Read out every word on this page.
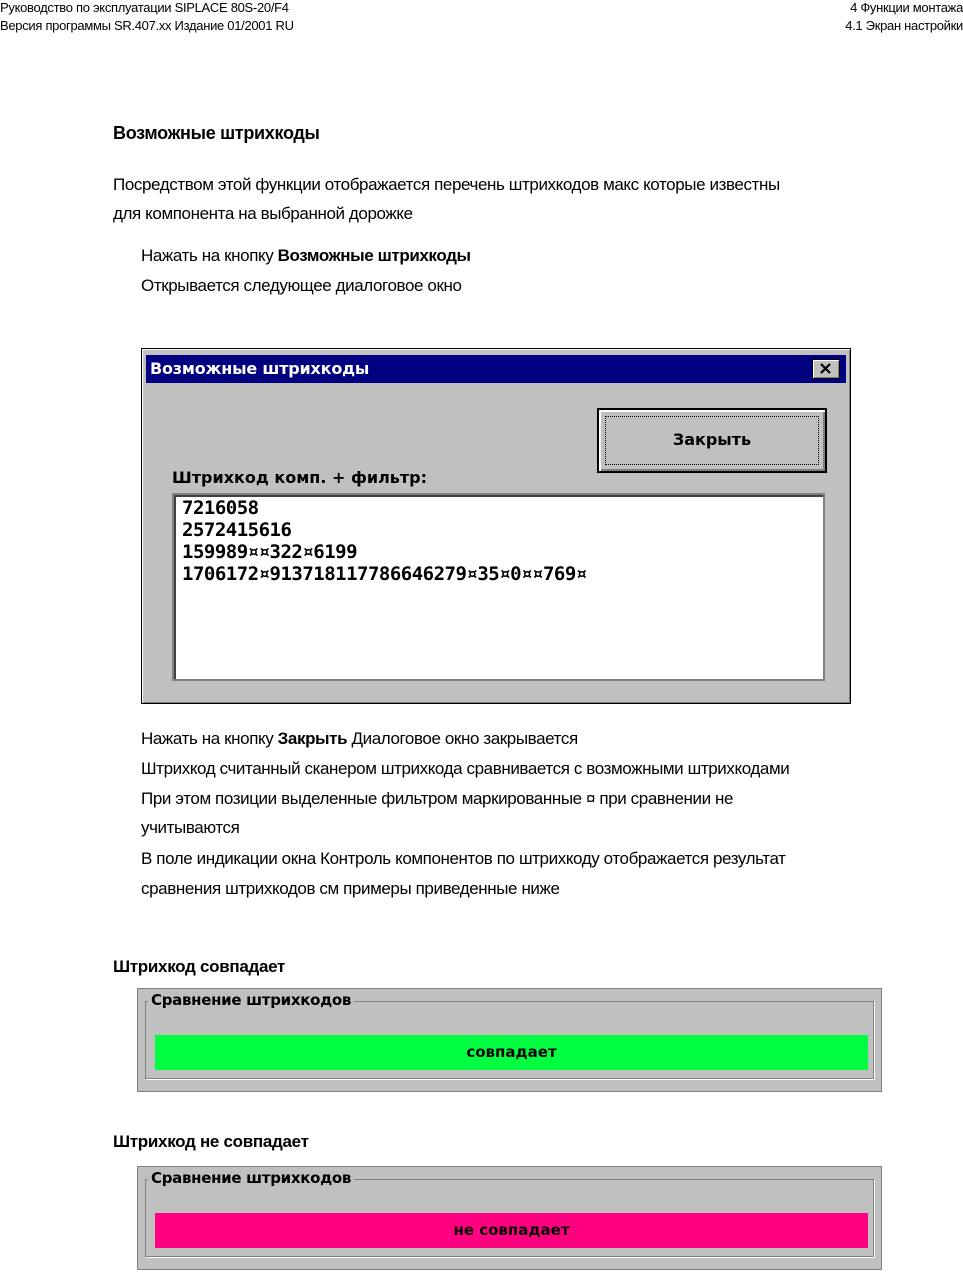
Руководство по эксплуатации SIPLACE 80S-20/F4
Версия программы SR.407.xx Издание 01/2001 RU
4 Функции монтажа
4.1 Экран настройки
Возможные штрихкоды
Посредством этой функции отображается перечень штрихкодов макс которые известны
для компонента на выбранной дорожке
Нажать на кнопку Возможные штрихкоды
Открывается следующее диалоговое окно
Возможные штрихкоды
Закрыть
Штрихкод комп. + фильтр:
7216058
2572415616
159989¤¤322¤6199
1706172¤91371811778664​6279¤35¤0¤¤769¤
Нажать на кнопку Закрыть Диалоговое окно закрывается
Штрихкод считанный сканером штрихкода сравнивается с возможными штрихкодами
При этом позиции выделенные фильтром маркированные ¤ при сравнении не
учитываются
В поле индикации окна Контроль компонентов по штрихкоду отображается результат
сравнения штрихкодов см примеры приведенные ниже
Штрихкод совпадает
Сравнение штрихкодов
совпадает
Штрихкод не совпадает
Сравнение штрихкодов
не совпадает
